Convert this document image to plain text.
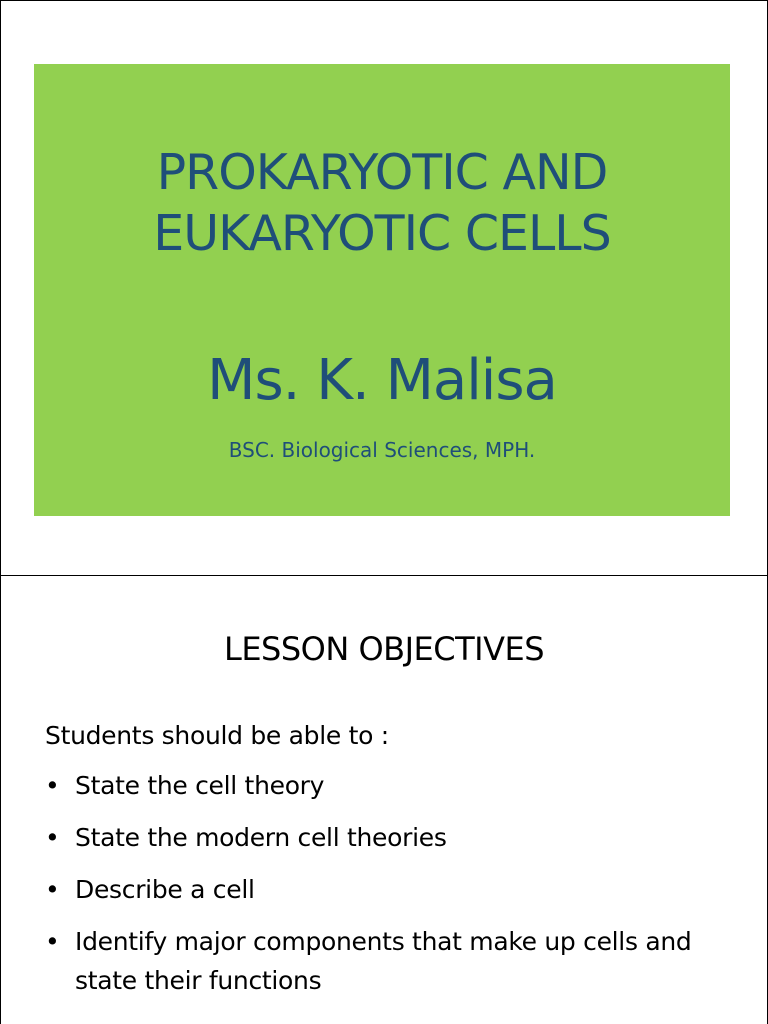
PROKARYOTIC AND
EUKARYOTIC CELLS
Ms. K. Malisa
BSC. Biological Sciences, MPH.
LESSON OBJECTIVES
Students should be able to :
• State the cell theory
• State the modern cell theories
• Describe a cell
• Identify major components that make up cells and state their functions
